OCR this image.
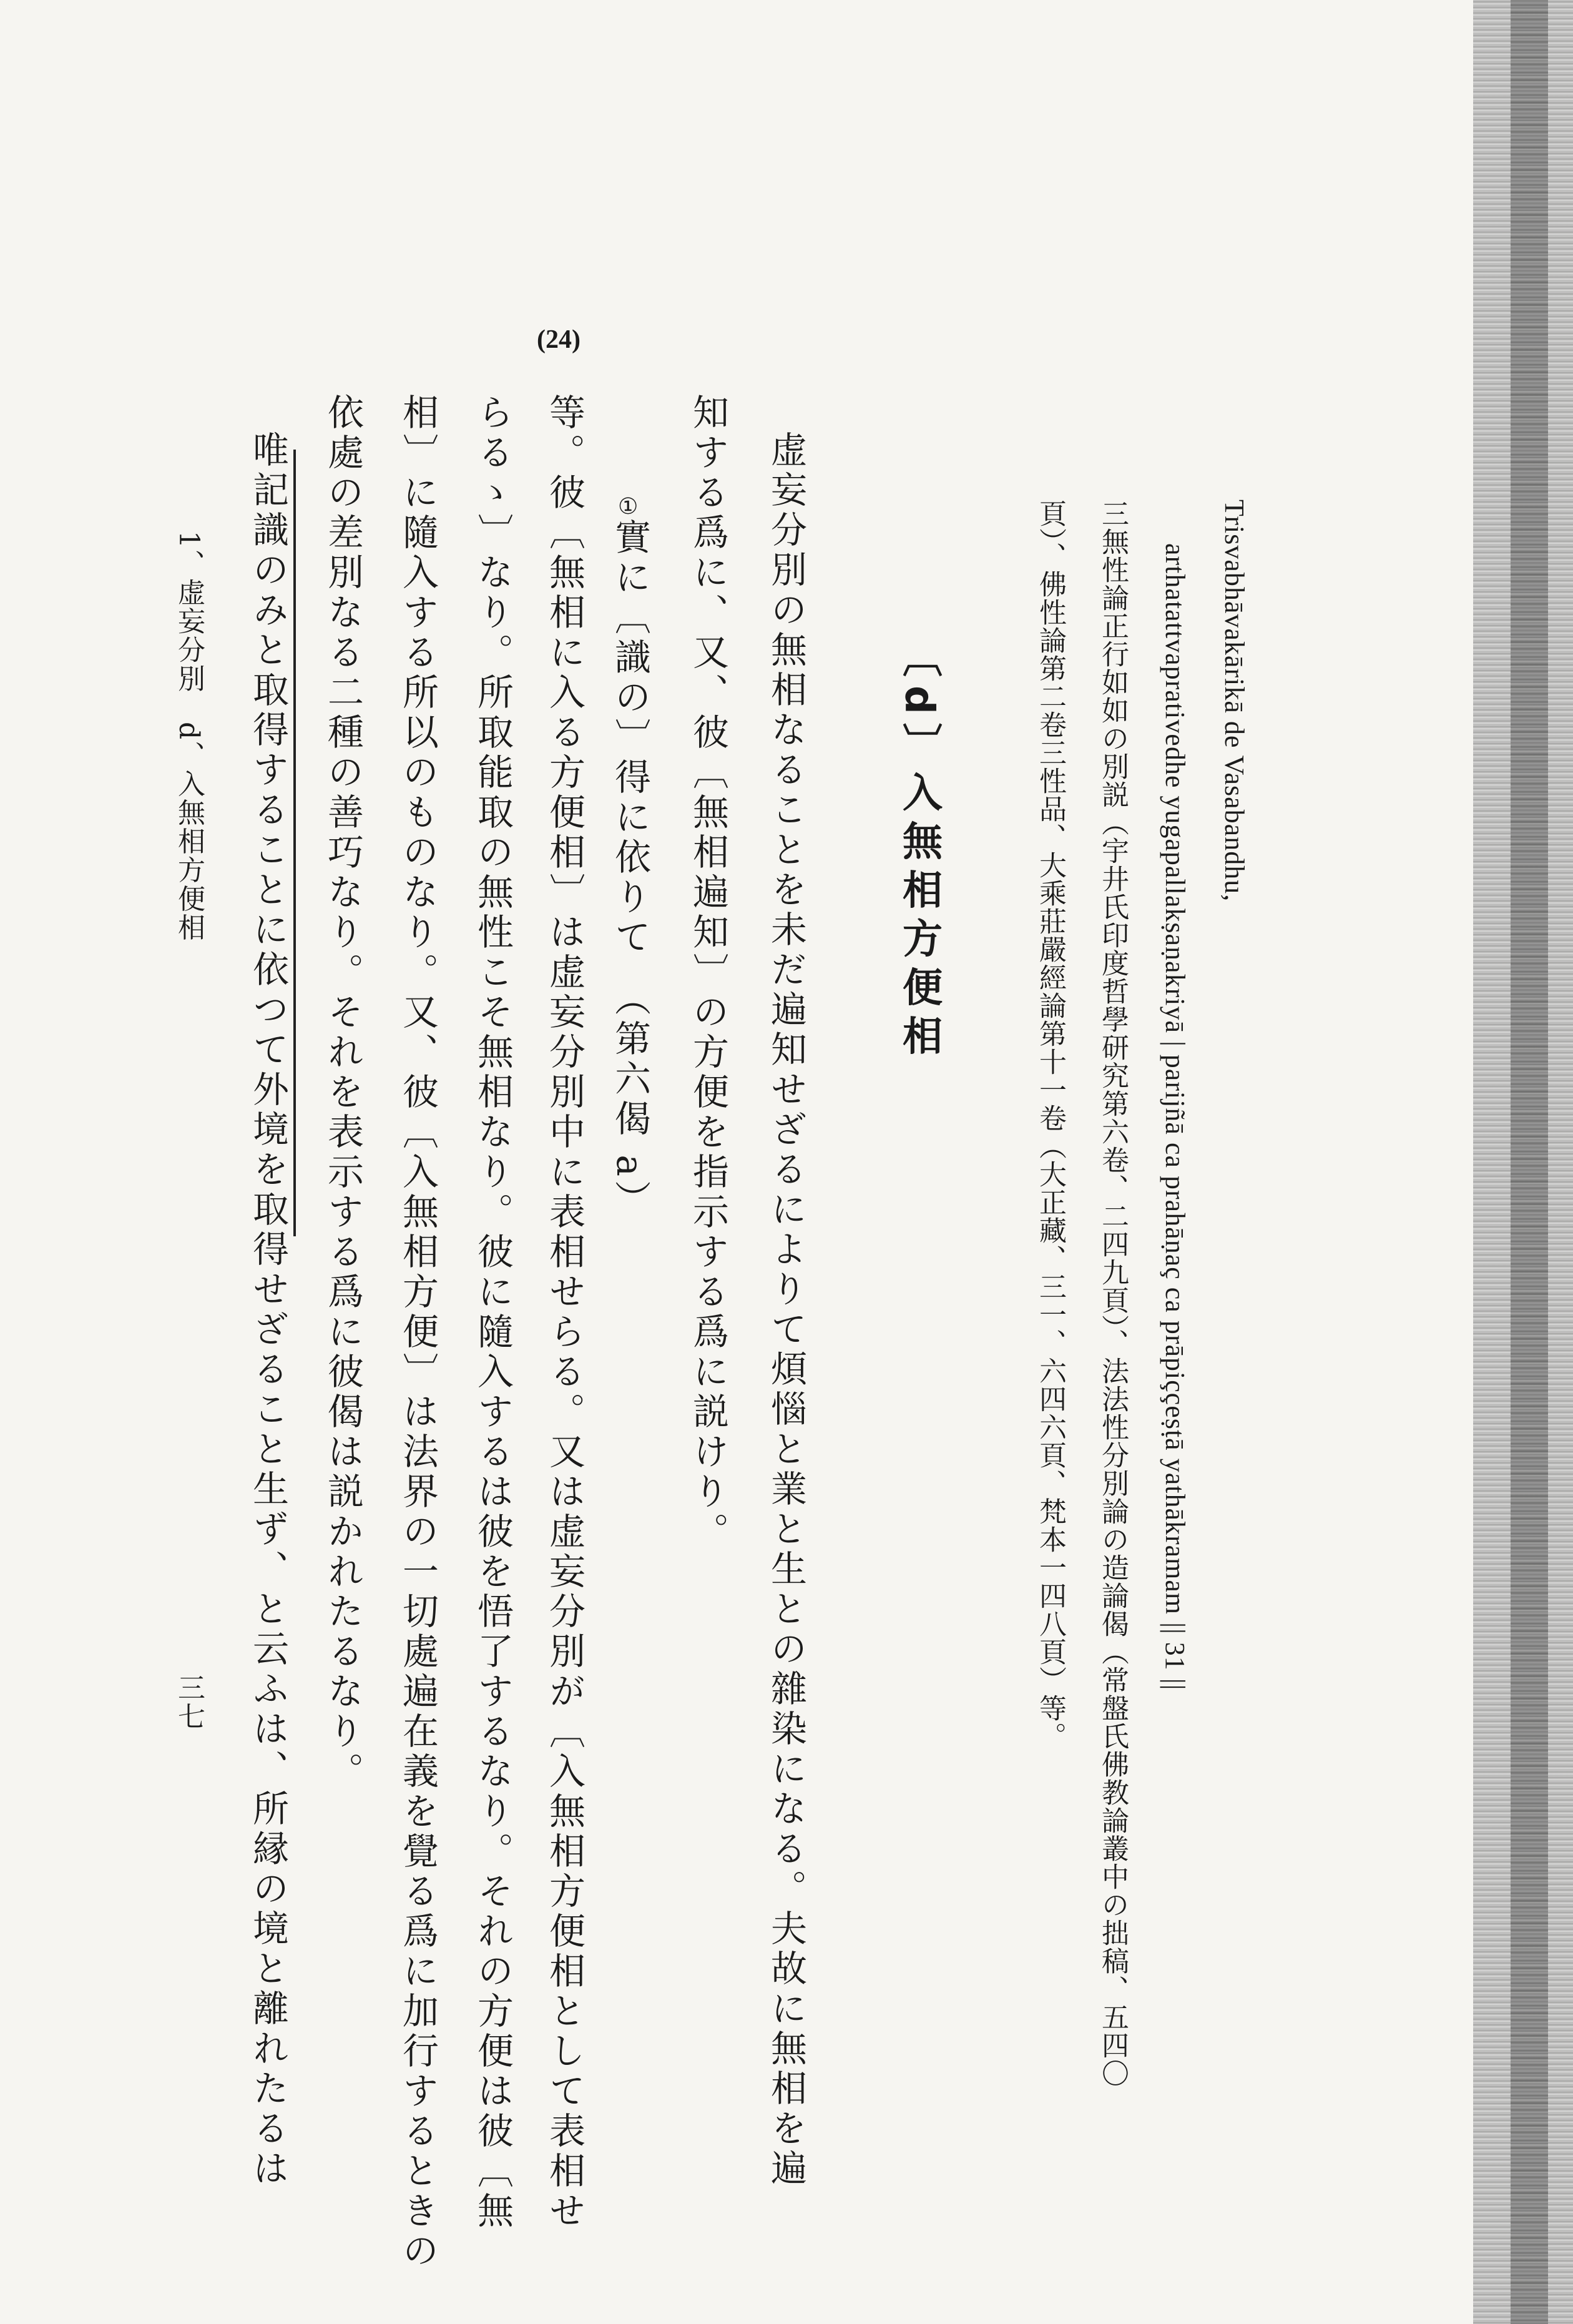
Trisvabhāvakārikā de Vasabandhu,
arthatattvaprativedhe yugapallakṣaṇakriyā | parijñā ca prahāṇaç ca prāpiççeṣṭā yathākramam || 31 ||
三無性論正行如如の別説（宇井氏印度哲學研究第六卷、二四九頁）、法法性分別論の造論偈（常盤氏佛教論叢中の拙稿、五四〇
頁）、佛性論第二卷三性品、大乘莊嚴經論第十一卷（大正藏、三一、六四六頁、梵本一四八頁）等。
〔d〕入無相方便相
虚妄分別の無相なることを未だ遍知せざるによりて煩惱と業と生との雜染になる。夫故に無相を遍
知する爲に、又、彼〔無相遍知〕の方便を指示する爲に説けり。
①
實に〔識の〕得に依りて　（第六偈 a）
等。彼〔無相に入る方便相〕は虚妄分別中に表相せらる。又は虚妄分別が〔入無相方便相として表相せ
らるゝ〕なり。所取能取の無性こそ無相なり。彼に隨入するは彼を悟了するなり。それの方便は彼〔無
相〕に隨入する所以のものなり。又、彼〔入無相方便〕は法界の一切處遍在義を覺る爲に加行するときの
依處の差別なる二種の善巧なり。それを表示する爲に彼偈は説かれたるなり。
(24)
唯記識のみと取得することに依つて外境を取得せざること生ず、と云ふは、所縁の境と離れたるは
1、虚妄分別　d、入無相方便相
三七
